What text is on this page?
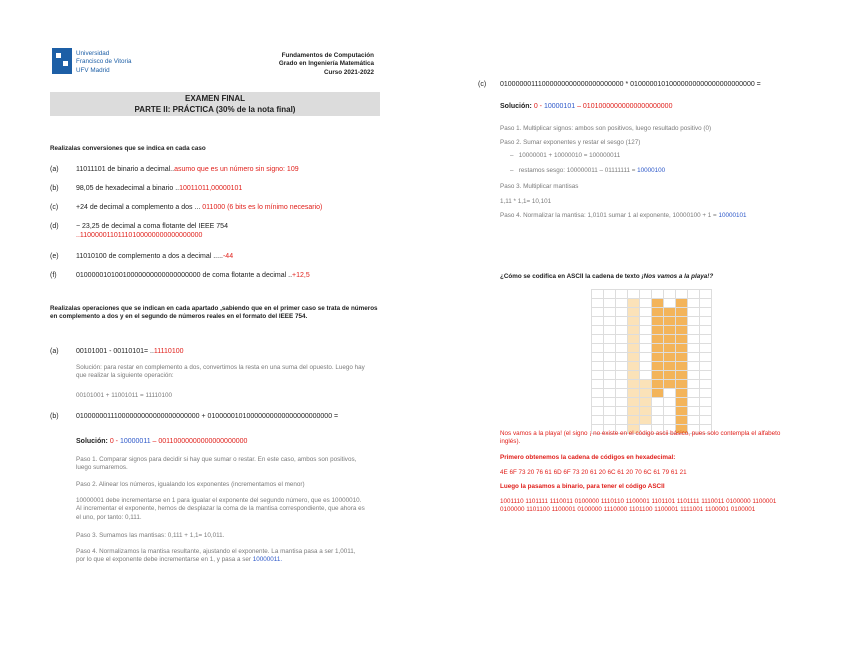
Universidad
Francisco de Vitoria
UFV Madrid
Fundamentos de Computación
Grado en Ingeniería Matemática
Curso 2021-2022
EXAMEN FINAL
PARTE II: PRÁCTICA (30% de la nota final)
Realizalas conversiones que se indica en cada caso
(a) 11011101 de binario a decimal..asumo que es un número sin signo: 109
(b) 98,05 de hexadecimal a binario ..10011011,00000101
(c)	+24 de decimal a complemento a dos ... 011000 (6 bits es lo mínimo necesario)
(d) − 23,25 de decimal a coma flotante del IEEE 754
..11000001101110100000000000000000
(e) 11010100 de complemento a dos a decimal .....-44
(f)	01000001010010000000000000000000 de coma flotante a decimal ..+12,5
Realizalas operaciones que se indican en cada apartado ,sabiendo que en el primer caso se trata de números en complemento a dos y en el segundo de números reales en el formato del IEEE 754.
(a) 00101001 - 00110101= ..11110100
Solución: para restar en complemento a dos, convertimos la resta en una suma del opuesto. Luego hay que realizar la siguiente operación:
00101001 + 11001011 = 11110100
(b) 01000000111000000000000000000000 + 01000001010000000000000000000000 =
Solución: 0 - 10000011 – 00110000000000000000000
Paso 1. Comparar signos para decidir si hay que sumar o restar. En este caso, ambos son positivos, luego sumaremos.
Paso 2. Alinear los números, igualando los exponentes (incrementamos el menor)
10000001 debe incrementarse en 1 para igualar el exponente del segundo número, que es 10000010. Al incrementar el exponente, hemos de desplazar la coma de la mantisa correspondiente, que ahora es el uno, por tanto: 0,111.
Paso 3. Sumamos las mantisas: 0,111 + 1,1= 10,011.
Paso 4. Normalizamos la mantisa resultante, ajustando el exponente. La mantisa pasa a ser 1,0011, por lo que el exponente debe incrementarse en 1, y pasa a ser 10000011.
(c) 01000000111000000000000000000000 * 01000001010000000000000000000000 =
Solución: 0 - 10000101 – 01010000000000000000000
Paso 1. Multiplicar signos: ambos son positivos, luego resultado positivo (0)
Paso 2. Sumar exponentes y restar el sesgo (127)
–   10000001 + 10000010 = 100000011
–   restamos sesgo: 100000011 – 01111111 = 10000100
Paso 3. Multiplicar mantisas
1,11 * 1,1= 10,101
Paso 4. Normalizar la mantisa: 1,0101 sumar 1 al exponente, 10000100 + 1 = 10000101
¿Cómo se codifica en ASCII la cadena de texto ¡Nos vamos a la playa!?

Nos vamos a la playa! (el signo ¡ no existe en el código ascii básico, pues solo contempla el alfabeto inglés).
Primero obtenemos la cadena de códigos en hexadecimal:
4E 6F 73 20 76 61 6D 6F 73 20 61 20 6C 61 20 70 6C 61 79 61 21
Luego la pasamos a binario, para tener el código ASCII
1001110 1101111 1110011 0100000 1110110 1100001 1101101 1101111 1110011 0100000 1100001 0100000 1101100 1100001 0100000 1110000 1101100 1100001 1111001 1100001 0100001
